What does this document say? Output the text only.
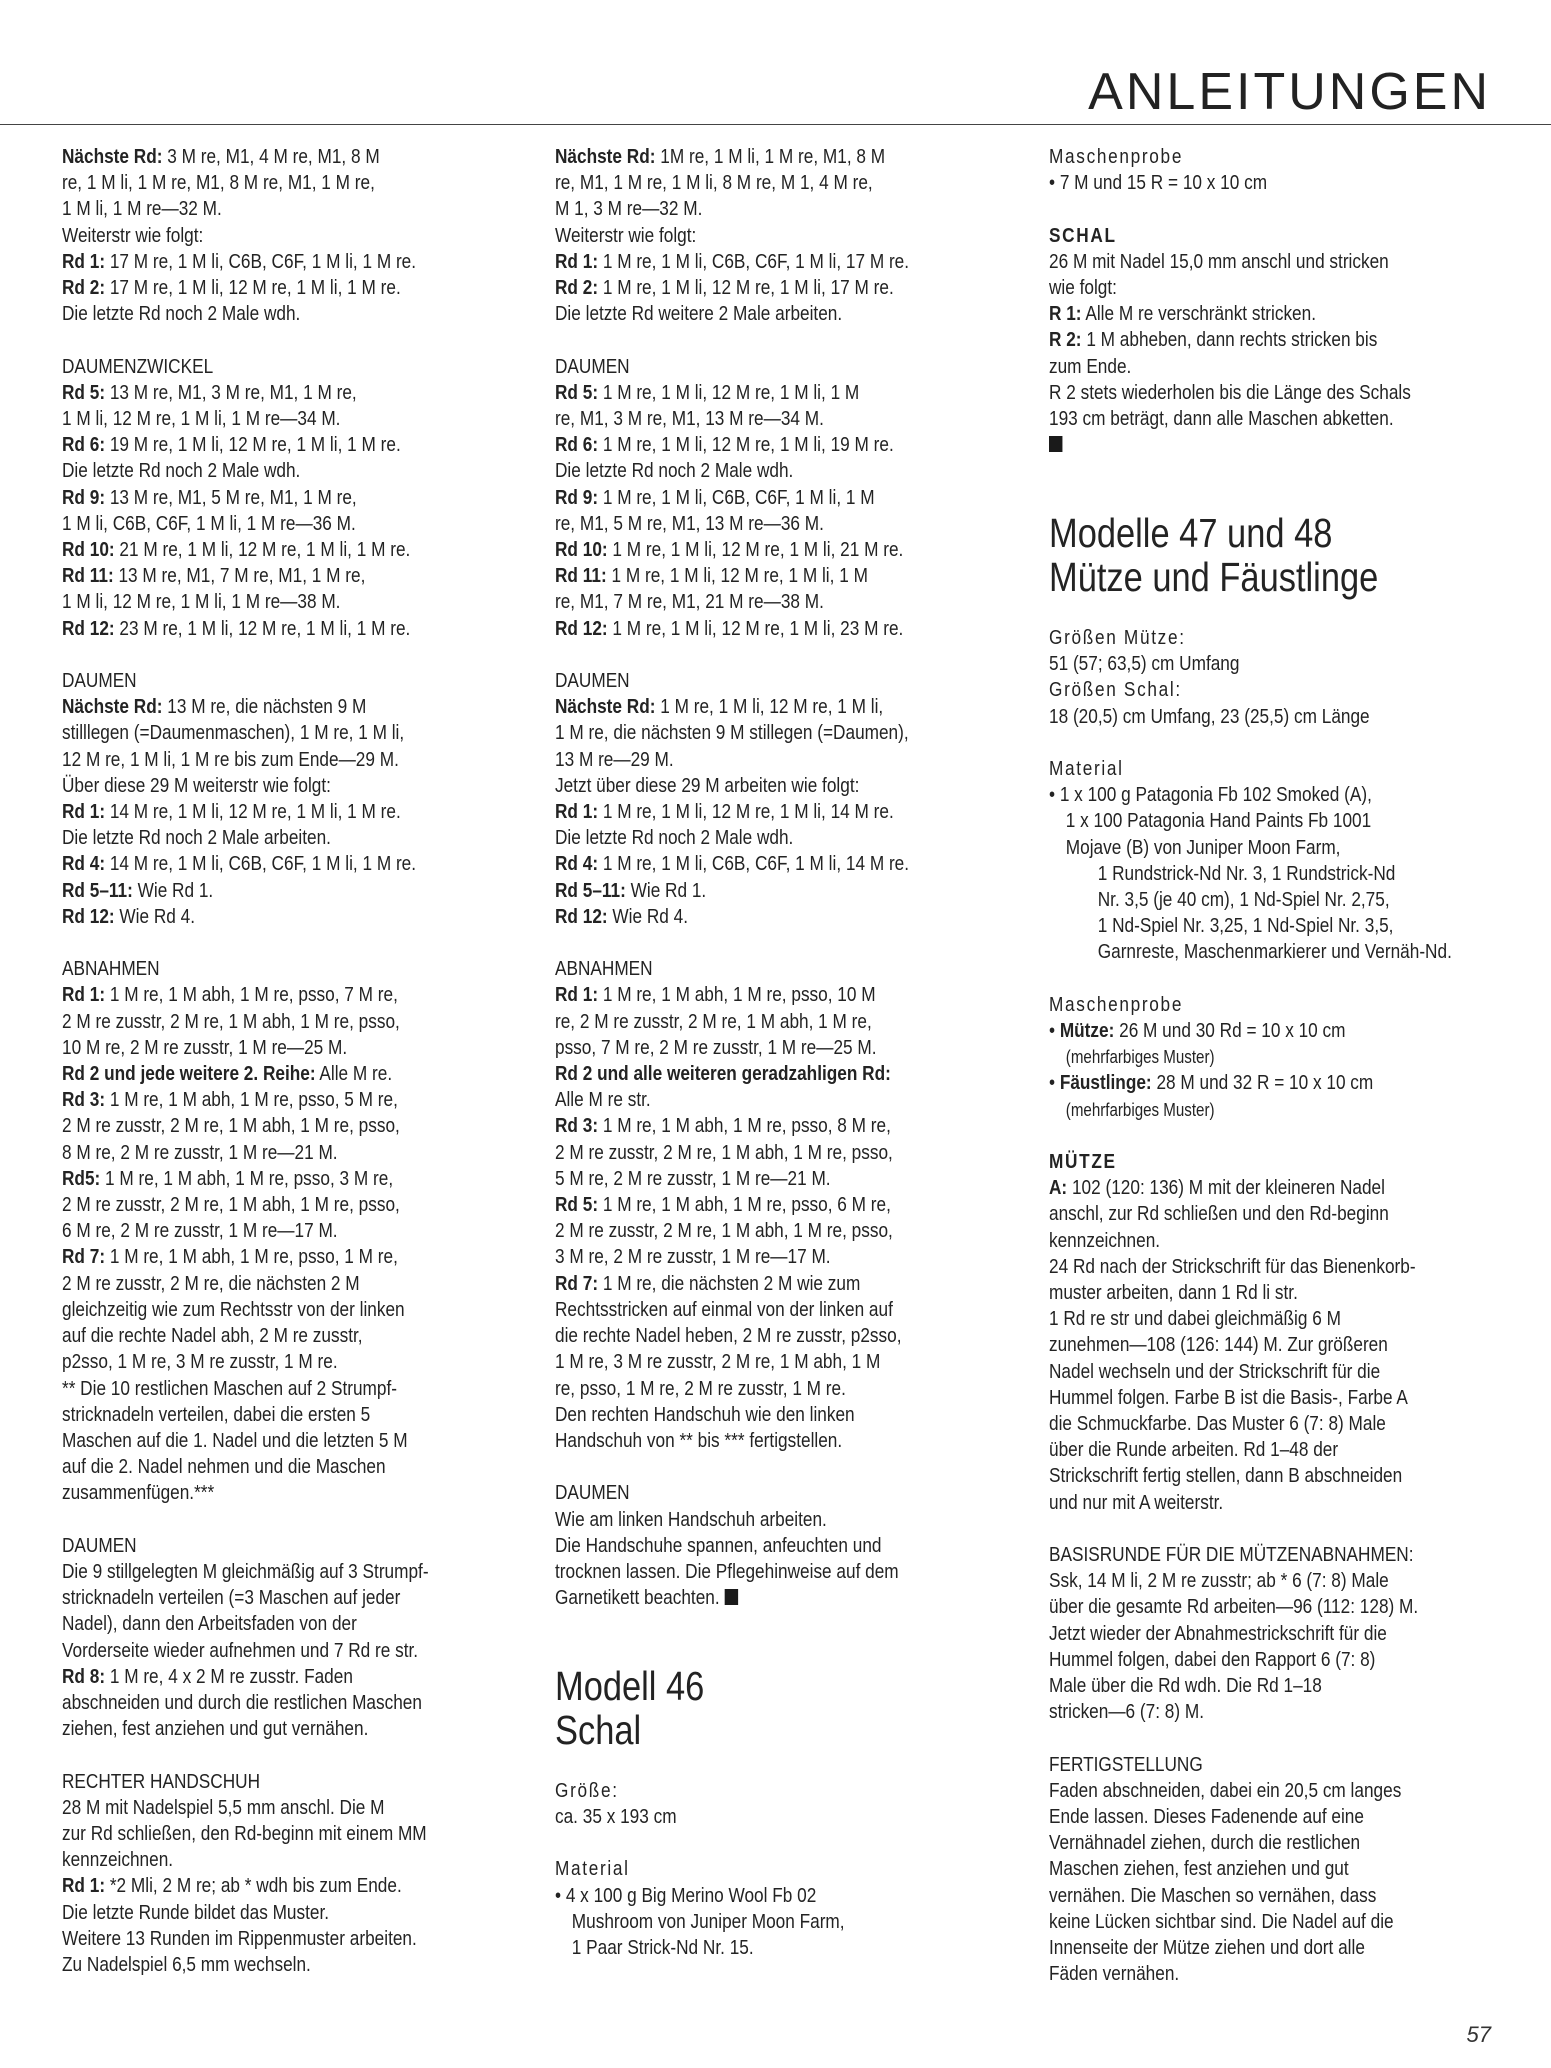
ANLEITUNGEN
Nächste Rd: 3 M re, M1, 4 M re, M1, 8 M
re, 1 M li, 1 M re, M1, 8 M re, M1, 1 M re,
1 M li, 1 M re—32 M.
Weiterstr wie folgt:
Rd 1: 17 M re, 1 M li, C6B, C6F, 1 M li, 1 M re.
Rd 2: 17 M re, 1 M li, 12 M re, 1 M li, 1 M re.
Die letzte Rd noch 2 Male wdh.
DAUMENZWICKEL
Rd 5: 13 M re, M1, 3 M re, M1, 1 M re,
1 M li, 12 M re, 1 M li, 1 M re—34 M.
Rd 6: 19 M re, 1 M li, 12 M re, 1 M li, 1 M re.
Die letzte Rd noch 2 Male wdh.
Rd 9: 13 M re, M1, 5 M re, M1, 1 M re,
1 M li, C6B, C6F, 1 M li, 1 M re—36 M.
Rd 10: 21 M re, 1 M li, 12 M re, 1 M li, 1 M re.
Rd 11: 13 M re, M1, 7 M re, M1, 1 M re,
1 M li, 12 M re, 1 M li, 1 M re—38 M.
Rd 12: 23 M re, 1 M li, 12 M re, 1 M li, 1 M re.
DAUMEN
Nächste Rd: 13 M re, die nächsten 9 M
stilllegen (=Daumenmaschen), 1 M re, 1 M li,
12 M re, 1 M li, 1 M re bis zum Ende—29 M.
Über diese 29 M weiterstr wie folgt:
Rd 1: 14 M re, 1 M li, 12 M re, 1 M li, 1 M re.
Die letzte Rd noch 2 Male arbeiten.
Rd 4: 14 M re, 1 M li, C6B, C6F, 1 M li, 1 M re.
Rd 5–11: Wie Rd 1.
Rd 12: Wie Rd 4.
ABNAHMEN
Rd 1: 1 M re, 1 M abh, 1 M re, psso, 7 M re,
2 M re zusstr, 2 M re, 1 M abh, 1 M re, psso,
10 M re, 2 M re zusstr, 1 M re—25 M.
Rd 2 und jede weitere 2. Reihe: Alle M re.
Rd 3: 1 M re, 1 M abh, 1 M re, psso, 5 M re,
2 M re zusstr, 2 M re, 1 M abh, 1 M re, psso,
8 M re, 2 M re zusstr, 1 M re—21 M.
Rd5: 1 M re, 1 M abh, 1 M re, psso, 3 M re,
2 M re zusstr, 2 M re, 1 M abh, 1 M re, psso,
6 M re, 2 M re zusstr, 1 M re—17 M.
Rd 7: 1 M re, 1 M abh, 1 M re, psso, 1 M re,
2 M re zusstr, 2 M re, die nächsten 2 M
gleichzeitig wie zum Rechtsstr von der linken
auf die rechte Nadel abh, 2 M re zusstr,
p2sso, 1 M re, 3 M re zusstr, 1 M re.
** Die 10 restlichen Maschen auf 2 Strumpf-
stricknadeln verteilen, dabei die ersten 5
Maschen auf die 1. Nadel und die letzten 5 M
auf die 2. Nadel nehmen und die Maschen
zusammenfügen.***
DAUMEN
Die 9 stillgelegten M gleichmäßig auf 3 Strumpf-
stricknadeln verteilen (=3 Maschen auf jeder
Nadel), dann den Arbeitsfaden von der
Vorderseite wieder aufnehmen und 7 Rd re str.
Rd 8: 1 M re, 4 x 2 M re zusstr. Faden
abschneiden und durch die restlichen Maschen
ziehen, fest anziehen und gut vernähen.
RECHTER HANDSCHUH
28 M mit Nadelspiel 5,5 mm anschl. Die M
zur Rd schließen, den Rd-beginn mit einem MM
kennzeichnen.
Rd 1: *2 Mli, 2 M re; ab * wdh bis zum Ende.
Die letzte Runde bildet das Muster.
Weitere 13 Runden im Rippenmuster arbeiten.
Zu Nadelspiel 6,5 mm wechseln.
Nächste Rd: 1M re, 1 M li, 1 M re, M1, 8 M
re, M1, 1 M re, 1 M li, 8 M re, M 1, 4 M re,
M 1, 3 M re—32 M.
Weiterstr wie folgt:
Rd 1: 1 M re, 1 M li, C6B, C6F, 1 M li, 17 M re.
Rd 2: 1 M re, 1 M li, 12 M re, 1 M li, 17 M re.
Die letzte Rd weitere 2 Male arbeiten.
DAUMEN
Rd 5: 1 M re, 1 M li, 12 M re, 1 M li, 1 M
re, M1, 3 M re, M1, 13 M re—34 M.
Rd 6: 1 M re, 1 M li, 12 M re, 1 M li, 19 M re.
Die letzte Rd noch 2 Male wdh.
Rd 9: 1 M re, 1 M li, C6B, C6F, 1 M li, 1 M
re, M1, 5 M re, M1, 13 M re—36 M.
Rd 10: 1 M re, 1 M li, 12 M re, 1 M li, 21 M re.
Rd 11: 1 M re, 1 M li, 12 M re, 1 M li, 1 M
re, M1, 7 M re, M1, 21 M re—38 M.
Rd 12: 1 M re, 1 M li, 12 M re, 1 M li, 23 M re.
DAUMEN
Nächste Rd: 1 M re, 1 M li, 12 M re, 1 M li,
1 M re, die nächsten 9 M stillegen (=Daumen),
13 M re—29 M.
Jetzt über diese 29 M arbeiten wie folgt:
Rd 1: 1 M re, 1 M li, 12 M re, 1 M li, 14 M re.
Die letzte Rd noch 2 Male wdh.
Rd 4: 1 M re, 1 M li, C6B, C6F, 1 M li, 14 M re.
Rd 5–11: Wie Rd 1.
Rd 12: Wie Rd 4.
ABNAHMEN
Rd 1: 1 M re, 1 M abh, 1 M re, psso, 10 M
re, 2 M re zusstr, 2 M re, 1 M abh, 1 M re,
psso, 7 M re, 2 M re zusstr, 1 M re—25 M.
Rd 2 und alle weiteren geradzahligen Rd:
Alle M re str.
Rd 3: 1 M re, 1 M abh, 1 M re, psso, 8 M re,
2 M re zusstr, 2 M re, 1 M abh, 1 M re, psso,
5 M re, 2 M re zusstr, 1 M re—21 M.
Rd 5: 1 M re, 1 M abh, 1 M re, psso, 6 M re,
2 M re zusstr, 2 M re, 1 M abh, 1 M re, psso,
3 M re, 2 M re zusstr, 1 M re—17 M.
Rd 7: 1 M re, die nächsten 2 M wie zum
Rechtsstricken auf einmal von der linken auf
die rechte Nadel heben, 2 M re zusstr, p2sso,
1 M re, 3 M re zusstr, 2 M re, 1 M abh, 1 M
re, psso, 1 M re, 2 M re zusstr, 1 M re.
Den rechten Handschuh wie den linken
Handschuh von ** bis *** fertigstellen.
DAUMEN
Wie am linken Handschuh arbeiten.
Die Handschuhe spannen, anfeuchten und
trocknen lassen. Die Pflegehinweise auf dem
Garnetikett beachten.
Modell 46
Schal
Größe:
ca. 35 x 193 cm
Material
• 4 x 100 g Big Merino Wool Fb 02
Mushroom von Juniper Moon Farm,
1 Paar Strick-Nd Nr. 15.
Maschenprobe
• 7 M und 15 R = 10 x 10 cm
SCHAL
26 M mit Nadel 15,0 mm anschl und stricken
wie folgt:
R 1: Alle M re verschränkt stricken.
R 2: 1 M abheben, dann rechts stricken bis
zum Ende.
R 2 stets wiederholen bis die Länge des Schals
193 cm beträgt, dann alle Maschen abketten.
Modelle 47 und 48
Mütze und Fäustlinge
Größen Mütze:
51 (57; 63,5) cm Umfang
Größen Schal:
18 (20,5) cm Umfang, 23 (25,5) cm Länge
Material
• 1 x 100 g Patagonia Fb 102 Smoked (A),
1 x 100 Patagonia Hand Paints Fb 1001
Mojave (B) von Juniper Moon Farm,
1 Rundstrick-Nd Nr. 3, 1 Rundstrick-Nd
Nr. 3,5 (je 40 cm), 1 Nd-Spiel Nr. 2,75,
1 Nd-Spiel Nr. 3,25, 1 Nd-Spiel Nr. 3,5,
Garnreste, Maschenmarkierer und Vernäh-Nd.
Maschenprobe
• Mütze: 26 M und 30 Rd = 10 x 10 cm
(mehrfarbiges Muster)
• Fäustlinge: 28 M und 32 R = 10 x 10 cm
(mehrfarbiges Muster)
MÜTZE
A: 102 (120: 136) M mit der kleineren Nadel
anschl, zur Rd schließen und den Rd-beginn
kennzeichnen.
24 Rd nach der Strickschrift für das Bienenkorb-
muster arbeiten, dann 1 Rd li str.
1 Rd re str und dabei gleichmäßig 6 M
zunehmen—108 (126: 144) M. Zur größeren
Nadel wechseln und der Strickschrift für die
Hummel folgen. Farbe B ist die Basis-, Farbe A
die Schmuckfarbe. Das Muster 6 (7: 8) Male
über die Runde arbeiten. Rd 1–48 der
Strickschrift fertig stellen, dann B abschneiden
und nur mit A weiterstr.
BASISRUNDE FÜR DIE MÜTZENABNAHMEN:
Ssk, 14 M li, 2 M re zusstr; ab * 6 (7: 8) Male
über die gesamte Rd arbeiten—96 (112: 128) M.
Jetzt wieder der Abnahmestrickschrift für die
Hummel folgen, dabei den Rapport 6 (7: 8)
Male über die Rd wdh. Die Rd 1–18
stricken—6 (7: 8) M.
FERTIGSTELLUNG
Faden abschneiden, dabei ein 20,5 cm langes
Ende lassen. Dieses Fadenende auf eine
Vernähnadel ziehen, durch die restlichen
Maschen ziehen, fest anziehen und gut
vernähen. Die Maschen so vernähen, dass
keine Lücken sichtbar sind. Die Nadel auf die
Innenseite der Mütze ziehen und dort alle
Fäden vernähen.
57
